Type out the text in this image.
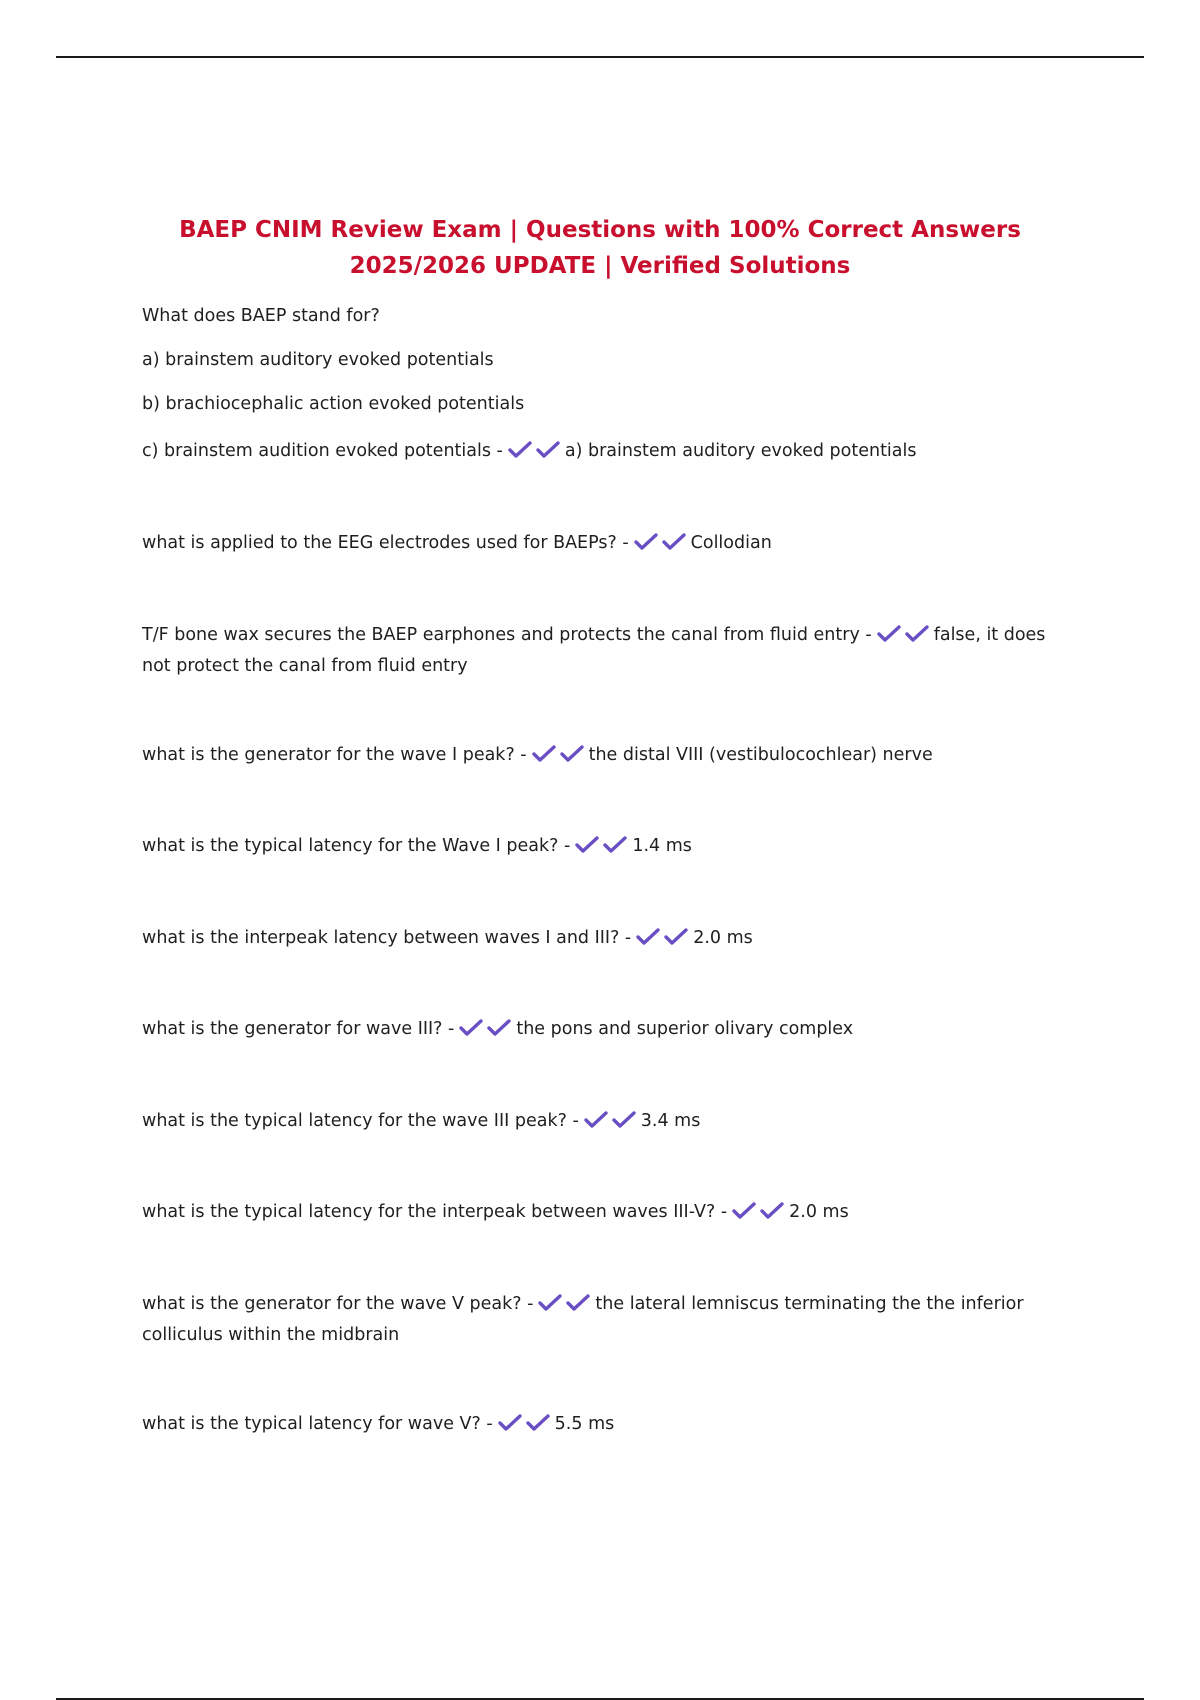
BAEP CNIM Review Exam | Questions with 100% Correct Answers 2025/2026 UPDATE | Verified Solutions
What does BAEP stand for?
a) brainstem auditory evoked potentials
b) brachiocephalic action evoked potentials
c) brainstem audition evoked potentials -	a) brainstem auditory evoked potentials
what is applied to the EEG electrodes used for BAEPs? -	Collodian
T/F bone wax secures the BAEP earphones and protects the canal from fluid entry -	false, it does not protect the canal from fluid entry
what is the generator for the wave I peak? -	the distal VIII (vestibulocochlear) nerve
what is the typical latency for the Wave I peak? -	1.4 ms
what is the interpeak latency between waves I and III? -	2.0 ms
what is the generator for wave III? -	the pons and superior olivary complex
what is the typical latency for the wave III peak? -	3.4 ms
what is the typical latency for the interpeak between waves III-V? -	2.0 ms
what is the generator for the wave V peak? -	the lateral lemniscus terminating the the inferior colliculus within the midbrain
what is the typical latency for wave V? -	5.5 ms
